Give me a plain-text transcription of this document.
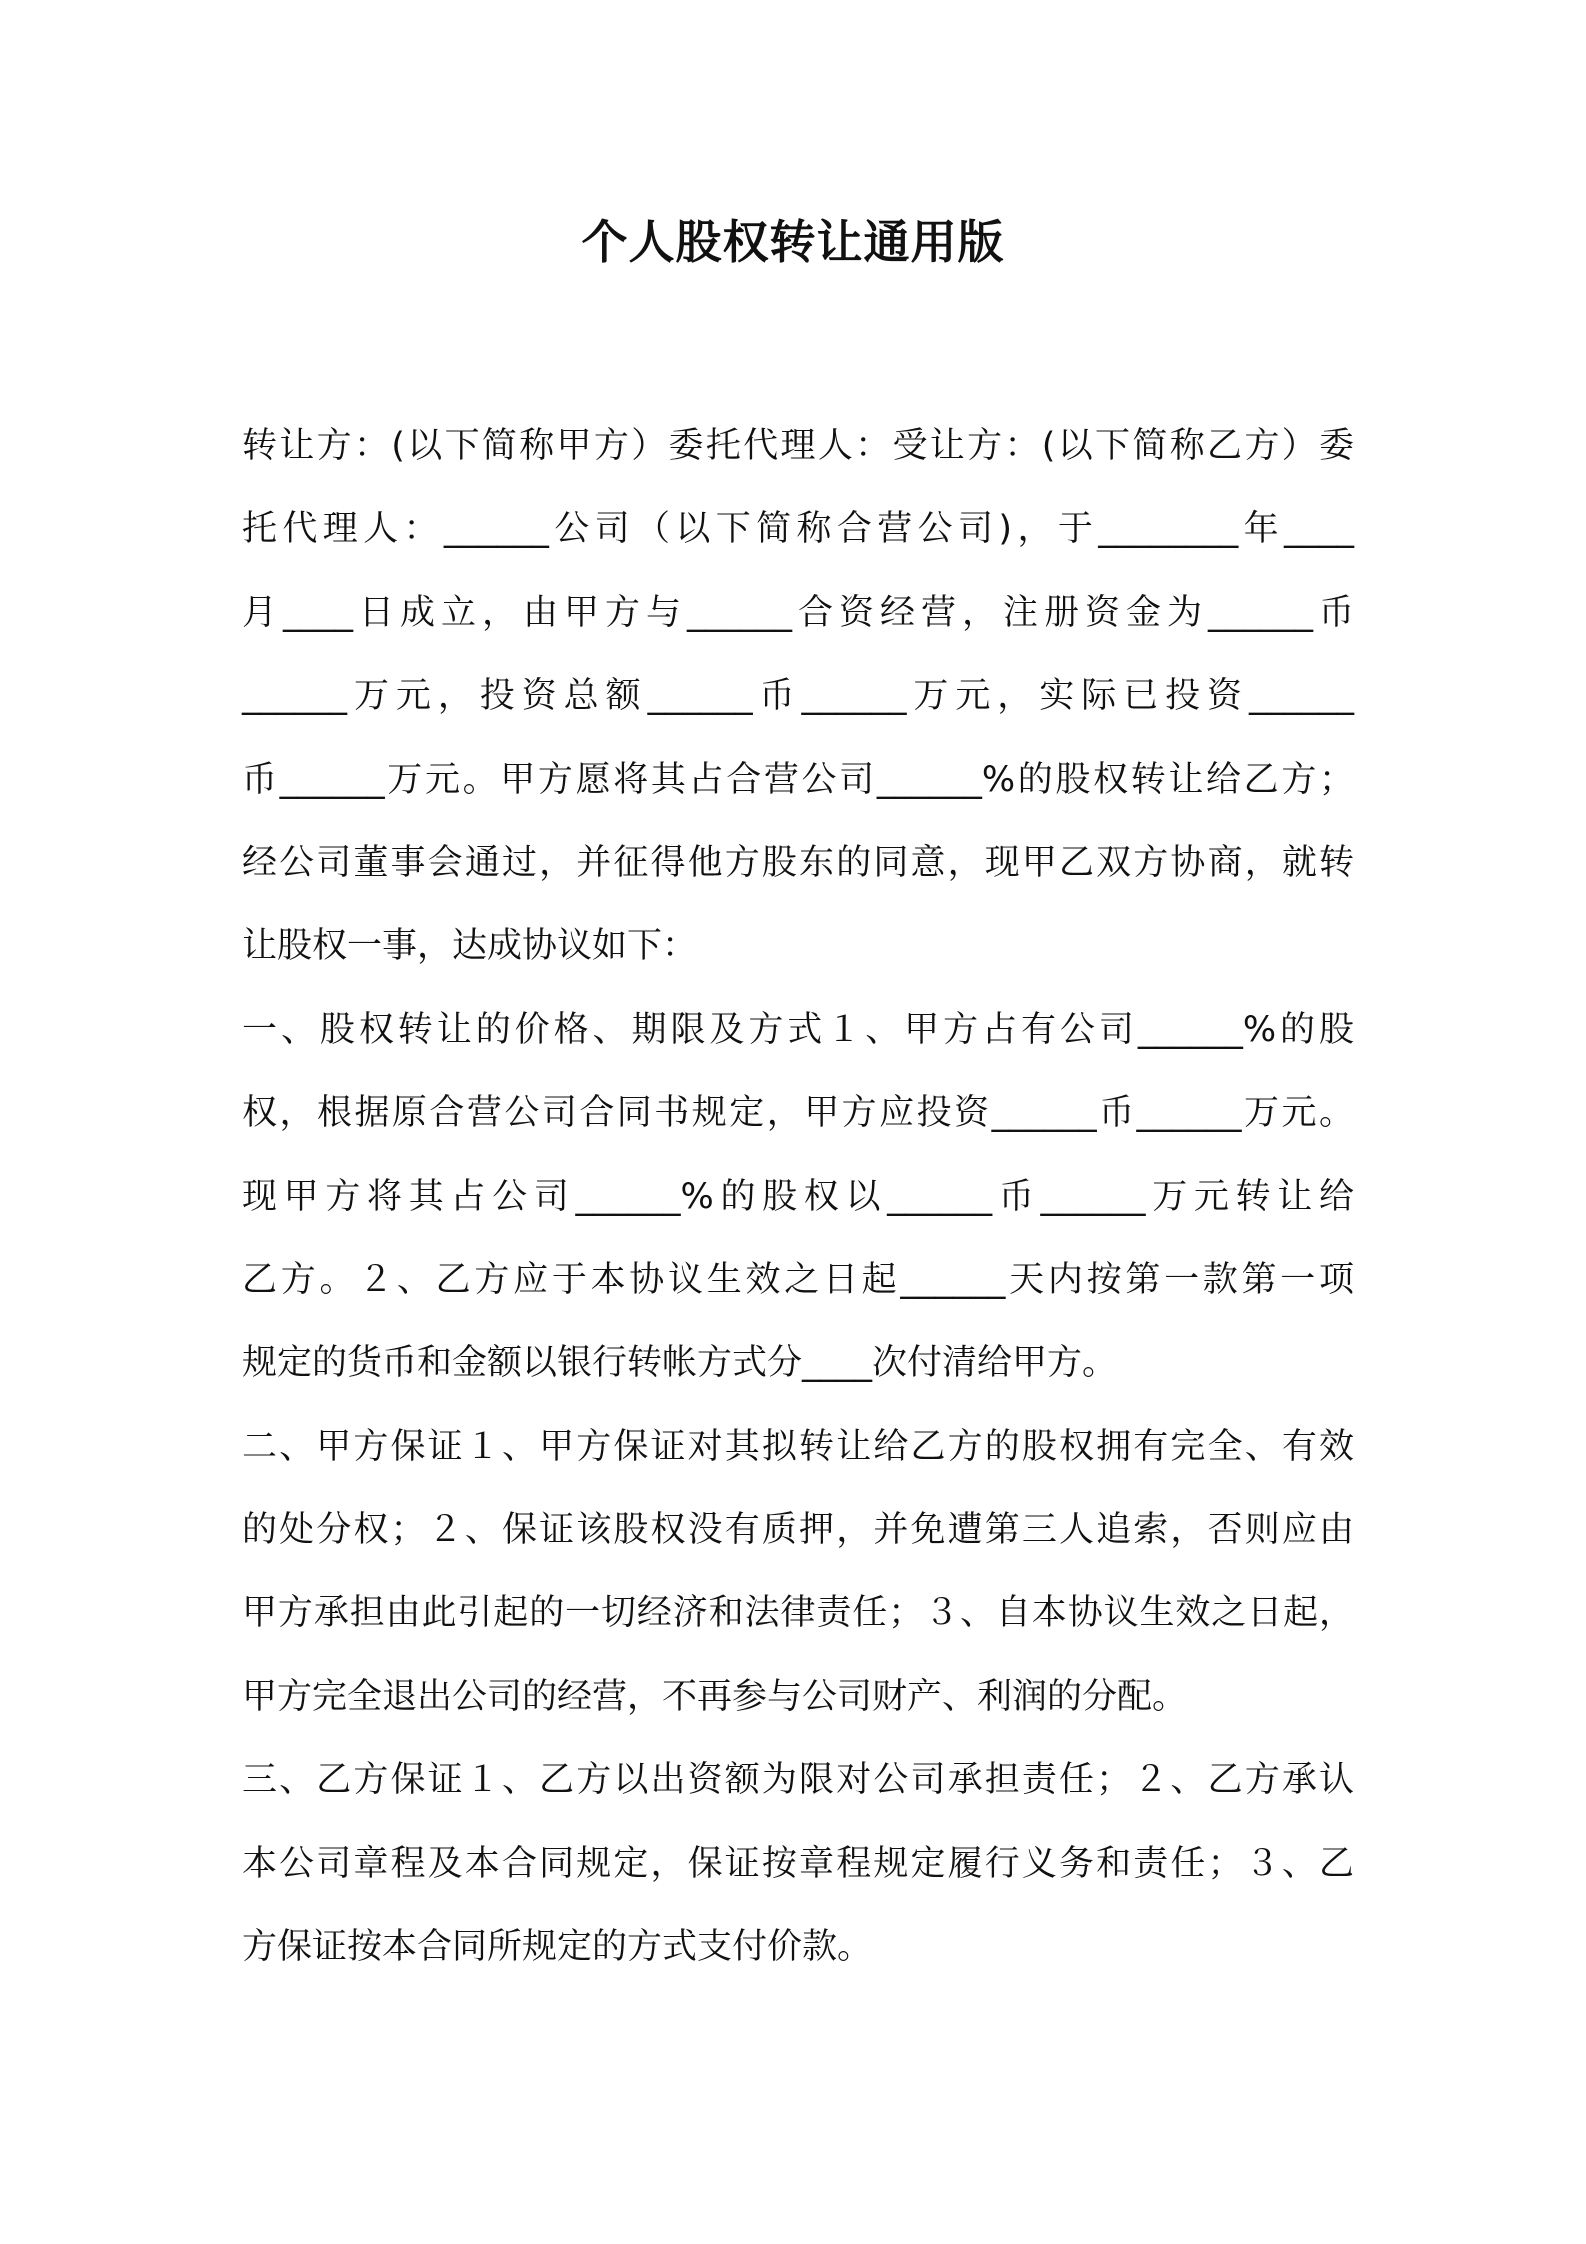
个人股权转让通用版
转让方：(以下简称甲方）委托代理人：受让方：(以下简称乙方）委
托代理人：______公司（以下简称合营公司)，于________年____
月____日成立，由甲方与______合资经营，注册资金为______币
______万元，投资总额______币______万元，实际已投资______
币______万元。甲方愿将其占合营公司______%的股权转让给乙方；
经公司董事会通过，并征得他方股东的同意，现甲乙双方协商，就转
让股权一事，达成协议如下：
一、股权转让的价格、期限及方式１、甲方占有公司______%的股
权，根据原合营公司合同书规定，甲方应投资______币______万元。
现甲方将其占公司______%的股权以______币______万元转让给
乙方。２、乙方应于本协议生效之日起______天内按第一款第一项
规定的货币和金额以银行转帐方式分____次付清给甲方。
二、甲方保证１、甲方保证对其拟转让给乙方的股权拥有完全、有效
的处分权；２、保证该股权没有质押，并免遭第三人追索，否则应由
甲方承担由此引起的一切经济和法律责任；３、自本协议生效之日起，
甲方完全退出公司的经营，不再参与公司财产、利润的分配。
三、乙方保证１、乙方以出资额为限对公司承担责任；２、乙方承认
本公司章程及本合同规定，保证按章程规定履行义务和责任；３、乙
方保证按本合同所规定的方式支付价款。
